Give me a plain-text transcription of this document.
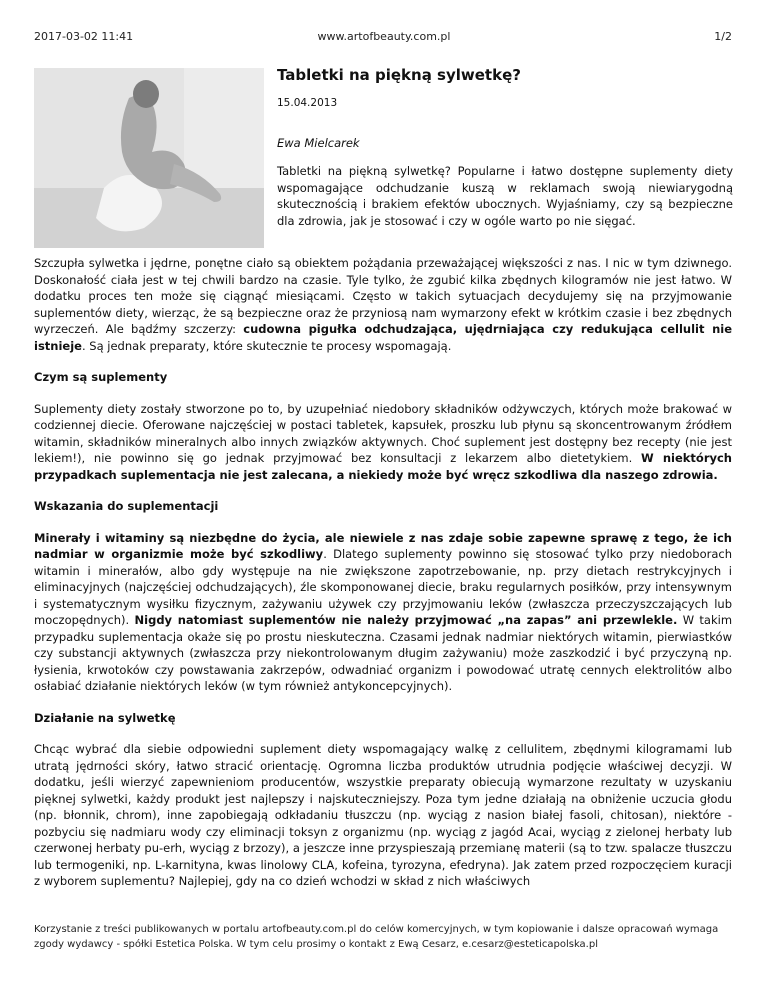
2017-03-02 11:41	www.artofbeauty.com.pl	1/2
Tabletki na piękną sylwetkę?
15.04.2013
Ewa Mielcarek

Tabletki na piękną sylwetkę? Popularne i łatwo dostępne suplementy diety wspomagające odchudzanie kuszą w reklamach swoją niewiarygodną skutecznością i brakiem efektów ubocznych. Wyjaśniamy, czy są bezpieczne dla zdrowia, jak je stosować i czy w ogóle warto po nie sięgać.

Szczupła sylwetka i jędrne, ponętne ciało są obiektem pożądania przeważającej większości z nas. I nic w tym dziwnego. Doskonałość ciała jest w tej chwili bardzo na czasie. Tyle tylko, że zgubić kilka zbędnych kilogramów nie jest łatwo. W dodatku proces ten może się ciągnąć miesiącami. Często w takich sytuacjach decydujemy się na przyjmowanie suplementów diety, wierząc, że są bezpieczne oraz że przyniosą nam wymarzony efekt w krótkim czasie i bez zbędnych wyrzeczeń. Ale bądźmy szczerzy: cudowna pigułka odchudzająca, ujędrniająca czy redukująca cellulit nie istnieje. Są jednak preparaty, które skutecznie te procesy wspomagają.

Czym są suplementy

Suplementy diety zostały stworzone po to, by uzupełniać niedobory składników odżywczych, których może brakować w codziennej diecie. Oferowane najczęściej w postaci tabletek, kapsułek, proszku lub płynu są skoncentrowanym źródłem witamin, składników mineralnych albo innych związków aktywnych. Choć suplement jest dostępny bez recepty (nie jest lekiem!), nie powinno się go jednak przyjmować bez konsultacji z lekarzem albo dietetykiem. W niektórych przypadkach suplementacja nie jest zalecana, a niekiedy może być wręcz szkodliwa dla naszego zdrowia.

Wskazania do suplementacji

Minerały i witaminy są niezbędne do życia, ale niewiele z nas zdaje sobie zapewne sprawę z tego, że ich nadmiar w organizmie może być szkodliwy. Dlatego suplementy powinno się stosować tylko przy niedoborach witamin i minerałów, albo gdy występuje na nie zwiększone zapotrzebowanie, np. przy dietach restrykcyjnych i eliminacyjnych (najczęściej odchudzających), źle skomponowanej diecie, braku regularnych posiłków, przy intensywnym i systematycznym wysiłku fizycznym, zażywaniu używek czy przyjmowaniu leków (zwłaszcza przeczyszczających lub moczopędnych). Nigdy natomiast suplementów nie należy przyjmować „na zapas” ani przewlekle. W takim przypadku suplementacja okaże się po prostu nieskuteczna. Czasami jednak nadmiar niektórych witamin, pierwiastków czy substancji aktywnych (zwłaszcza przy niekontrolowanym długim zażywaniu) może zaszkodzić i być przyczyną np. łysienia, krwotoków czy powstawania zakrzepów, odwadniać organizm i powodować utratę cennych elektrolitów albo osłabiać działanie niektórych leków (w tym również antykoncepcyjnych).

Działanie na sylwetkę

Chcąc wybrać dla siebie odpowiedni suplement diety wspomagający walkę z cellulitem, zbędnymi kilogramami lub utratą jędrności skóry, łatwo stracić orientację. Ogromna liczba produktów utrudnia podjęcie właściwej decyzji. W dodatku, jeśli wierzyć zapewnieniom producentów, wszystkie preparaty obiecują wymarzone rezultaty w uzyskaniu pięknej sylwetki, każdy produkt jest najlepszy i najskuteczniejszy. Poza tym jedne działają na obniżenie uczucia głodu (np. błonnik, chrom), inne zapobiegają odkładaniu tłuszczu (np. wyciąg z nasion białej fasoli, chitosan), niektóre - pozbyciu się nadmiaru wody czy eliminacji toksyn z organizmu (np. wyciąg z jagód Acai, wyciąg z zielonej herbaty lub czerwonej herbaty pu-erh, wyciąg z brzozy), a jeszcze inne przyspieszają przemianę materii (są to tzw. spalacze tłuszczu lub termogeniki, np. L-karnityna, kwas linolowy CLA, kofeina, tyrozyna, efedryna). Jak zatem przed rozpoczęciem kuracji z wyborem suplementu? Najlepiej, gdy na co dzień wchodzi w skład z nich właściwych

Korzystanie z treści publikowanych w portalu artofbeauty.com.pl do celów komercyjnych, w tym kopiowanie i dalsze opracowań wymaga zgody wydawcy - spółki Estetica Polska. W tym celu prosimy o kontakt z Ewą Cesarz, e.cesarz@esteticapolska.pl
